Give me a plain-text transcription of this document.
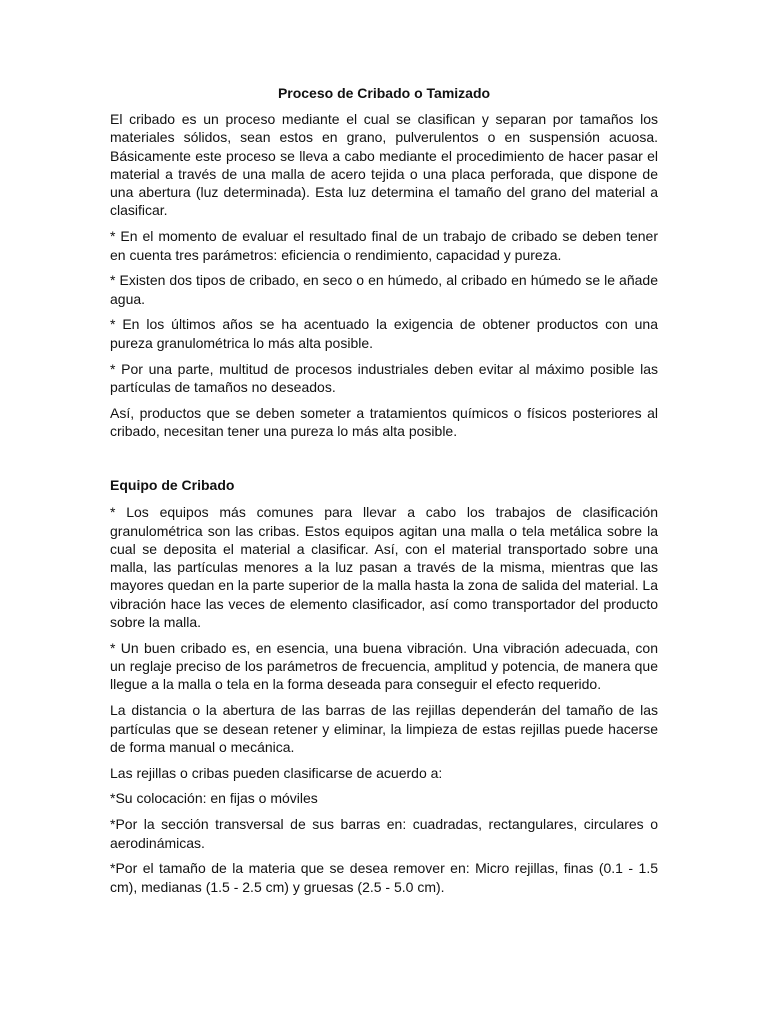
Proceso de Cribado o Tamizado

El cribado es un proceso mediante el cual se clasifican y separan por tamaños los materiales sólidos, sean estos en grano, pulverulentos o en suspensión acuosa. Básicamente este proceso se lleva a cabo mediante el procedimiento de hacer pasar el material a través de una malla de acero tejida o una placa perforada, que dispone de una abertura (luz determinada). Esta luz determina el tamaño del grano del material a clasificar.

* En el momento de evaluar el resultado final de un trabajo de cribado se deben tener en cuenta tres parámetros: eficiencia o rendimiento, capacidad y pureza.

* Existen dos tipos de cribado, en seco o en húmedo, al cribado en húmedo se le añade agua.

* En los últimos años se ha acentuado la exigencia de obtener productos con una pureza granulométrica lo más alta posible.

* Por una parte, multitud de procesos industriales deben evitar al máximo posible las partículas de tamaños no deseados.

Así, productos que se deben someter a tratamientos químicos o físicos posteriores al cribado, necesitan tener una pureza lo más alta posible.

Equipo de Cribado

* Los equipos más comunes para llevar a cabo los trabajos de clasificación granulométrica son las cribas. Estos equipos agitan una malla o tela metálica sobre la cual se deposita el material a clasificar. Así, con el material transportado sobre una malla, las partículas menores a la luz pasan a través de la misma, mientras que las mayores quedan en la parte superior de la malla hasta la zona de salida del material. La vibración hace las veces de elemento clasificador, así como transportador del producto sobre la malla.

* Un buen cribado es, en esencia, una buena vibración. Una vibración adecuada, con un reglaje preciso de los parámetros de frecuencia, amplitud y potencia, de manera que llegue a la malla o tela en la forma deseada para conseguir el efecto requerido.

La distancia o la abertura de las barras de las rejillas dependerán del tamaño de las partículas que se desean retener y eliminar, la limpieza de estas rejillas puede hacerse de forma manual o mecánica.

Las rejillas o cribas pueden clasificarse de acuerdo a:

*Su colocación: en fijas o móviles

*Por la sección transversal de sus barras en: cuadradas, rectangulares, circulares o aerodinámicas.

*Por el tamaño de la materia que se desea remover en: Micro rejillas, finas (0.1 - 1.5 cm), medianas (1.5 - 2.5 cm) y gruesas (2.5 - 5.0 cm).
